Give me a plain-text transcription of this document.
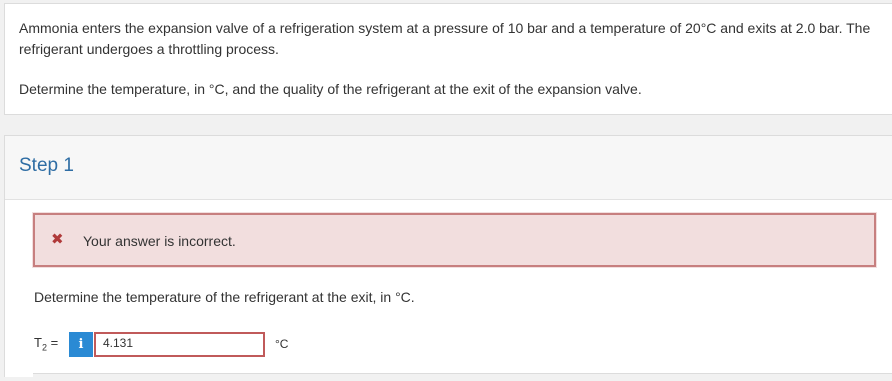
Ammonia enters the expansion valve of a refrigeration system at a pressure of 10 bar and a temperature of 20°C and exits at 2.0 bar. The refrigerant undergoes a throttling process.

Determine the temperature, in °C, and the quality of the refrigerant at the exit of the expansion valve.

Step 1
✖ Your answer is incorrect.
Determine the temperature of the refrigerant at the exit, in °C.
$T_2$ =	i	4.131	°C
